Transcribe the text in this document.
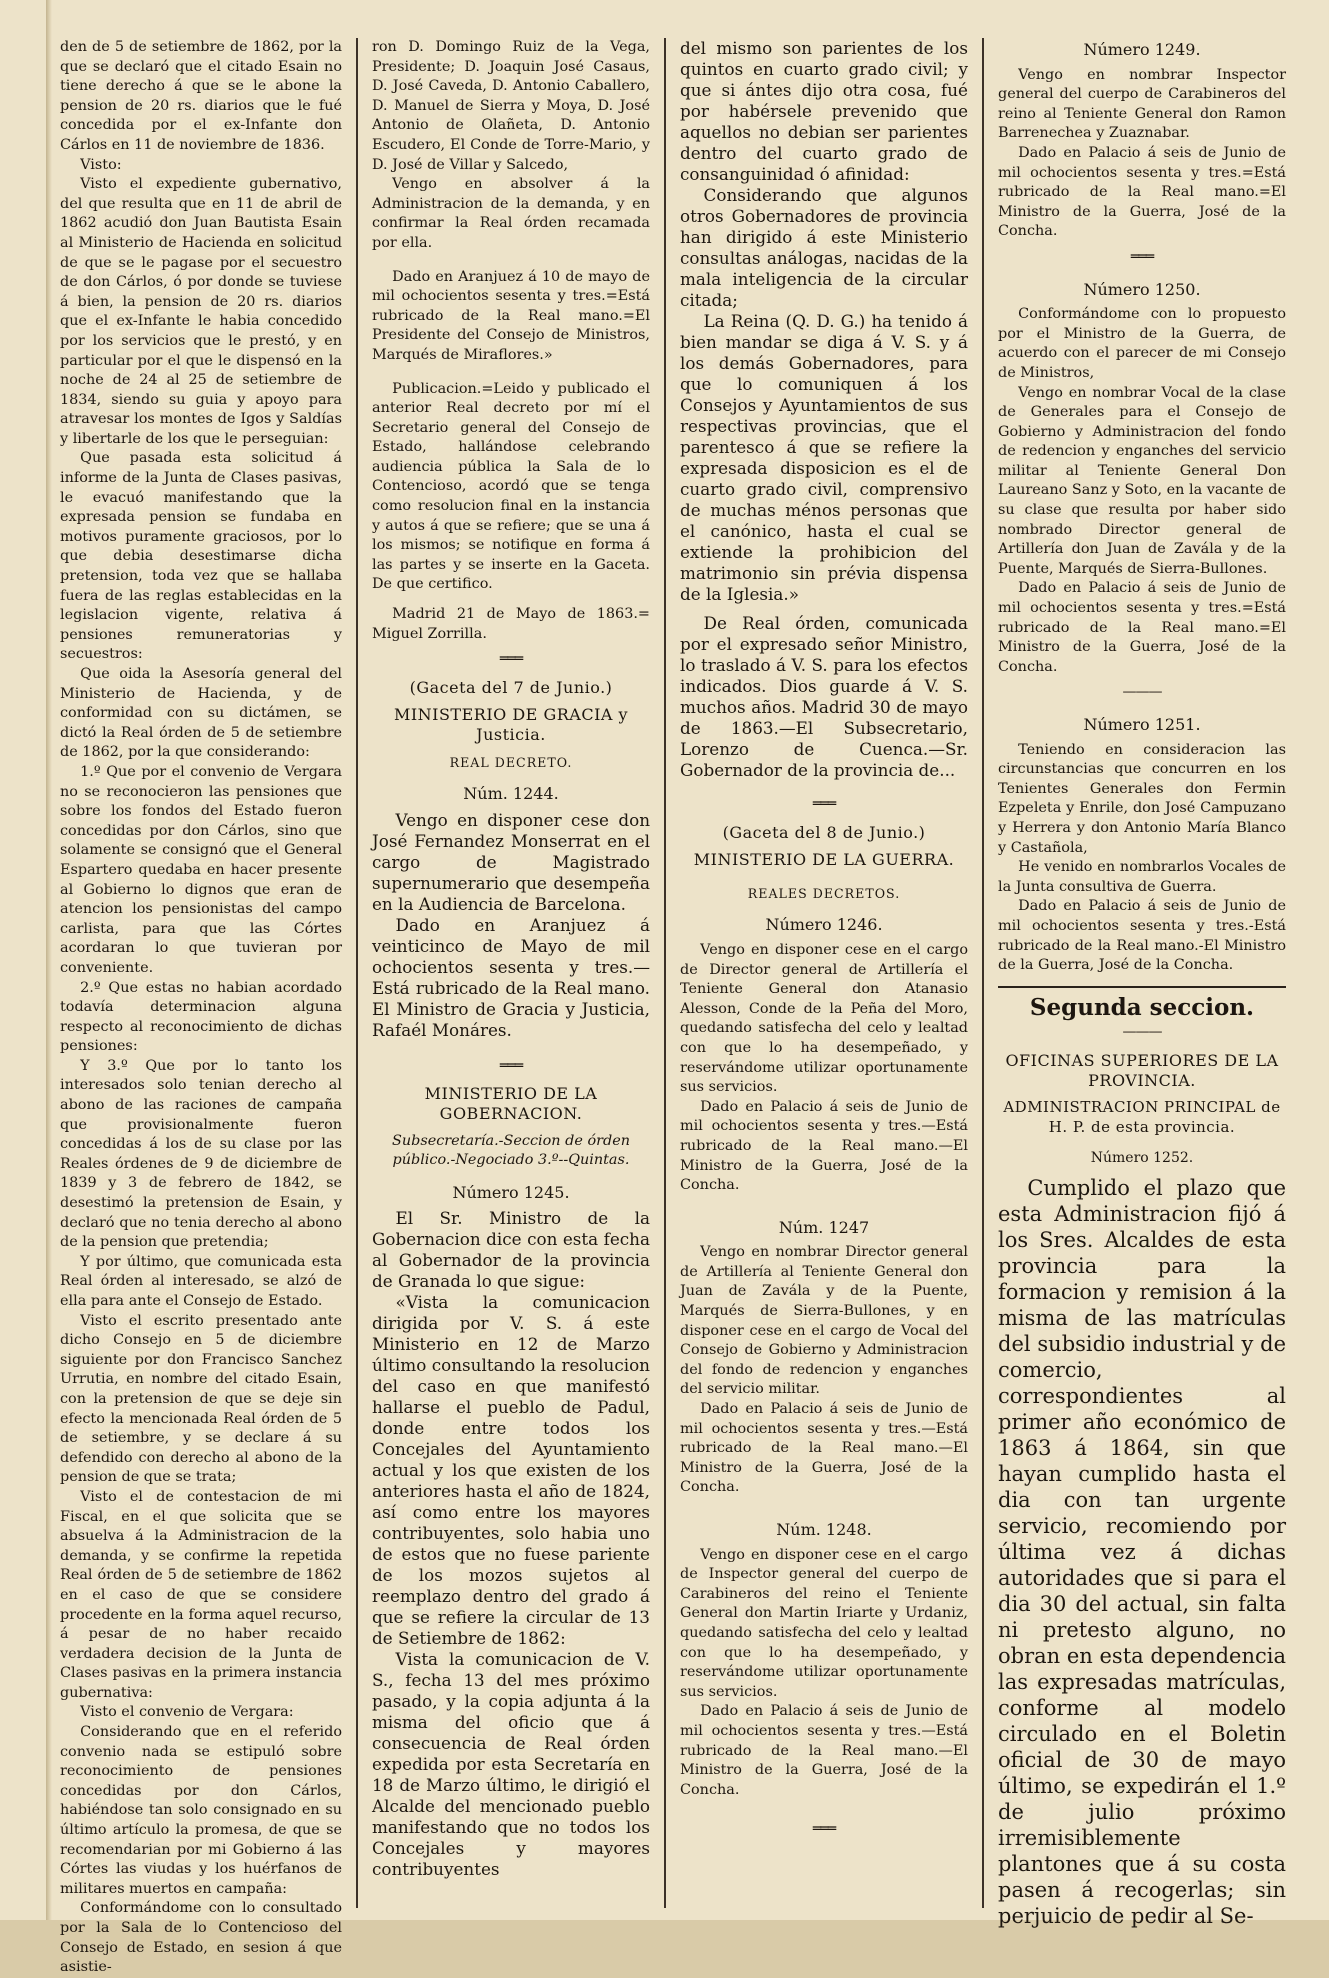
den de 5 de setiembre de 1862, por la que se declaró que el citado Esain no tiene derecho á que se le abone la pension de 20 rs. diarios que le fué concedida por el ex-Infante don Cárlos en 11 de noviembre de 1836.

Visto:

Visto el expediente gubernativo, del que resulta que en 11 de abril de 1862 acudió don Juan Bautista Esain al Ministerio de Hacienda en solicitud de que se le pagase por el secuestro de don Cárlos, ó por donde se tuviese á bien, la pension de 20 rs. diarios que el ex-Infante le habia concedido por los servicios que le prestó, y en particular por el que le dispensó en la noche de 24 al 25 de setiembre de 1834, siendo su guia y apoyo para atravesar los montes de Igos y Saldías y libertarle de los que le perseguian:

Que pasada esta solicitud á informe de la Junta de Clases pasivas, le evacuó manifestando que la expresada pension se fundaba en motivos puramente graciosos, por lo que debia desestimarse dicha pretension, toda vez que se hallaba fuera de las reglas establecidas en la legislacion vigente, relativa á pensiones remuneratorias y secuestros:

Que oida la Asesoría general del Ministerio de Hacienda, y de conformidad con su dictámen, se dictó la Real órden de 5 de setiembre de 1862, por la que considerando:

1.º Que por el convenio de Vergara no se reconocieron las pensiones que sobre los fondos del Estado fueron concedidas por don Cárlos, sino que solamente se consignó que el General Espartero quedaba en hacer presente al Gobierno lo dignos que eran de atencion los pensionistas del campo carlista, para que las Córtes acordaran lo que tuvieran por conveniente.

2.º Que estas no habian acordado todavía determinacion alguna respecto al reconocimiento de dichas pensiones:

Y 3.º Que por lo tanto los interesados solo tenian derecho al abono de las raciones de campaña que provisionalmente fueron concedidas á los de su clase por las Reales órdenes de 9 de diciembre de 1839 y 3 de febrero de 1842, se desestimó la pretension de Esain, y declaró que no tenia derecho al abono de la pension que pretendia;

Y por último, que comunicada esta Real órden al interesado, se alzó de ella para ante el Consejo de Estado.

Visto el escrito presentado ante dicho Consejo en 5 de diciembre siguiente por don Francisco Sanchez Urrutia, en nombre del citado Esain, con la pretension de que se deje sin efecto la mencionada Real órden de 5 de setiembre, y se declare á su defendido con derecho al abono de la pension de que se trata;

Visto el de contestacion de mi Fiscal, en el que solicita que se absuelva á la Administracion de la demanda, y se confirme la repetida Real órden de 5 de setiembre de 1862 en el caso de que se considere procedente en la forma aquel recurso, á pesar de no haber recaido verdadera decision de la Junta de Clases pasivas en la primera instancia gubernativa:

Visto el convenio de Vergara:

Considerando que en el referido convenio nada se estipuló sobre reconocimiento de pensiones concedidas por don Cárlos, habiéndose tan solo consignado en su último artículo la promesa, de que se recomendarian por mi Gobierno á las Córtes las viudas y los huérfanos de militares muertos en campaña:

Conformándome con lo consultado por la Sala de lo Contencioso del Consejo de Estado, en sesion á que asistie-

ron D. Domingo Ruiz de la Vega, Presidente; D. Joaquin José Casaus, D. José Caveda, D. Antonio Caballero, D. Manuel de Sierra y Moya, D. José Antonio de Olañeta, D. Antonio Escudero, El Conde de Torre-Mario, y D. José de Villar y Salcedo,

Vengo en absolver á la Administracion de la demanda, y en confirmar la Real órden recamada por ella.

Dado en Aranjuez á 10 de mayo de mil ochocientos sesenta y tres.=Está rubricado de la Real mano.=El Presidente del Consejo de Ministros, Marqués de Miraflores.»

Publicacion.=Leido y publicado el anterior Real decreto por mí el Secretario general del Consejo de Estado, hallándose celebrando audiencia pública la Sala de lo Contencioso, acordó que se tenga como resolucion final en la instancia y autos á que se refiere; que se una á los mismos; se notifique en forma á las partes y se inserte en la Gaceta. De que certifico.

Madrid 21 de Mayo de 1863.= Miguel Zorrilla.

═══
(Gaceta del 7 de Junio.)
MINISTERIO DE GRACIA y Justicia.
REAL DECRETO.
Núm. 1244.

Vengo en disponer cese don José Fernandez Monserrat en el cargo de Magistrado supernumerario que desempeña en la Audiencia de Barcelona.

Dado en Aranjuez á veinticinco de Mayo de mil ochocientos sesenta y tres.—Está rubricado de la Real mano. El Ministro de Gracia y Justicia, Rafaél Monáres.

═══
MINISTERIO DE LA GOBERNACION.
Subsecretaría.-Seccion de órden público.-Negociado 3.º--Quintas.
Número 1245.

El Sr. Ministro de la Gobernacion dice con esta fecha al Gobernador de la provincia de Granada lo que sigue:

«Vista la comunicacion dirigida por V. S. á este Ministerio en 12 de Marzo último consultando la resolucion del caso en que manifestó hallarse el pueblo de Padul, donde entre todos los Concejales del Ayuntamiento actual y los que existen de los anteriores hasta el año de 1824, así como entre los mayores contribuyentes, solo habia uno de estos que no fuese pariente de los mozos sujetos al reemplazo dentro del grado á que se refiere la circular de 13 de Setiembre de 1862:

Vista la comunicacion de V. S., fecha 13 del mes próximo pasado, y la copia adjunta á la misma del oficio que á consecuencia de Real órden expedida por esta Secretaría en 18 de Marzo último, le dirigió el Alcalde del mencionado pueblo manifestando que no todos los Concejales y mayores contribuyentes

del mismo son parientes de los quintos en cuarto grado civil; y que si ántes dijo otra cosa, fué por habérsele prevenido que aquellos no debian ser parientes dentro del cuarto grado de consanguinidad ó afinidad:

Considerando que algunos otros Gobernadores de provincia han dirigido á este Ministerio consultas análogas, nacidas de la mala inteligencia de la circular citada;

La Reina (Q. D. G.) ha tenido á bien mandar se diga á V. S. y á los demás Gobernadores, para que lo comuniquen á los Consejos y Ayuntamientos de sus respectivas provincias, que el parentesco á que se refiere la expresada disposicion es el de cuarto grado civil, comprensivo de muchas ménos personas que el canónico, hasta el cual se extiende la prohibicion del matrimonio sin prévia dispensa de la Iglesia.»

De Real órden, comunicada por el expresado señor Ministro, lo traslado á V. S. para los efectos indicados. Dios guarde á V. S. muchos años. Madrid 30 de mayo de 1863.—El Subsecretario, Lorenzo de Cuenca.—Sr. Gobernador de la provincia de...

═══
(Gaceta del 8 de Junio.)
MINISTERIO DE LA GUERRA.
REALES DECRETOS.
Número 1246.

Vengo en disponer cese en el cargo de Director general de Artillería el Teniente General don Atanasio Alesson, Conde de la Peña del Moro, quedando satisfecha del celo y lealtad con que lo ha desempeñado, y reservándome utilizar oportunamente sus servicios.

Dado en Palacio á seis de Junio de mil ochocientos sesenta y tres.—Está rubricado de la Real mano.—El Ministro de la Guerra, José de la Concha.

Núm. 1247

Vengo en nombrar Director general de Artillería al Teniente General don Juan de Zavála y de la Puente, Marqués de Sierra-Bullones, y en disponer cese en el cargo de Vocal del Consejo de Gobierno y Administracion del fondo de redencion y enganches del servicio militar.

Dado en Palacio á seis de Junio de mil ochocientos sesenta y tres.—Está rubricado de la Real mano.—El Ministro de la Guerra, José de la Concha.

Núm. 1248.

Vengo en disponer cese en el cargo de Inspector general del cuerpo de Carabineros del reino el Teniente General don Martin Iriarte y Urdaniz, quedando satisfecha del celo y lealtad con que lo ha desempeñado, y reservándome utilizar oportunamente sus servicios.

Dado en Palacio á seis de Junio de mil ochocientos sesenta y tres.—Está rubricado de la Real mano.—El Ministro de la Guerra, José de la Concha.

═══
Número 1249.

Vengo en nombrar Inspector general del cuerpo de Carabineros del reino al Teniente General don Ramon Barrenechea y Zuaznabar.

Dado en Palacio á seis de Junio de mil ochocientos sesenta y tres.=Está rubricado de la Real mano.=El Ministro de la Guerra, José de la Concha.

═══
Número 1250.

Conformándome con lo propuesto por el Ministro de la Guerra, de acuerdo con el parecer de mi Consejo de Ministros,

Vengo en nombrar Vocal de la clase de Generales para el Consejo de Gobierno y Administracion del fondo de redencion y enganches del servicio militar al Teniente General Don Laureano Sanz y Soto, en la vacante de su clase que resulta por haber sido nombrado Director general de Artillería don Juan de Zavála y de la Puente, Marqués de Sierra-Bullones.

Dado en Palacio á seis de Junio de mil ochocientos sesenta y tres.=Está rubricado de la Real mano.=El Ministro de la Guerra, José de la Concha.

———
Número 1251.

Teniendo en consideracion las circunstancias que concurren en los Tenientes Generales don Fermin Ezpeleta y Enrile, don José Campuzano y Herrera y don Antonio María Blanco y Castañola,

He venido en nombrarlos Vocales de la Junta consultiva de Guerra.

Dado en Palacio á seis de Junio de mil ochocientos sesenta y tres.-Está rubricado de la Real mano.-El Ministro de la Guerra, José de la Concha.

Segunda seccion.
———
OFICINAS SUPERIORES DE LA PROVINCIA.
ADMINISTRACION PRINCIPAL de H. P. de esta provincia.
Número 1252.

Cumplido el plazo que esta Administracion fijó á los Sres. Alcaldes de esta provincia para la formacion y remision á la misma de las matrículas del subsidio industrial y de comercio, correspondientes al primer año económico de 1863 á 1864, sin que hayan cumplido hasta el dia con tan urgente servicio, recomiendo por última vez á dichas autoridades que si para el dia 30 del actual, sin falta ni pretesto alguno, no obran en esta dependencia las expresadas matrículas, conforme al modelo circulado en el Boletin oficial de 30 de mayo último, se expedirán el 1.º de julio próximo irremisiblemente plantones que á su costa pasen á recogerlas; sin perjuicio de pedir al Se-
